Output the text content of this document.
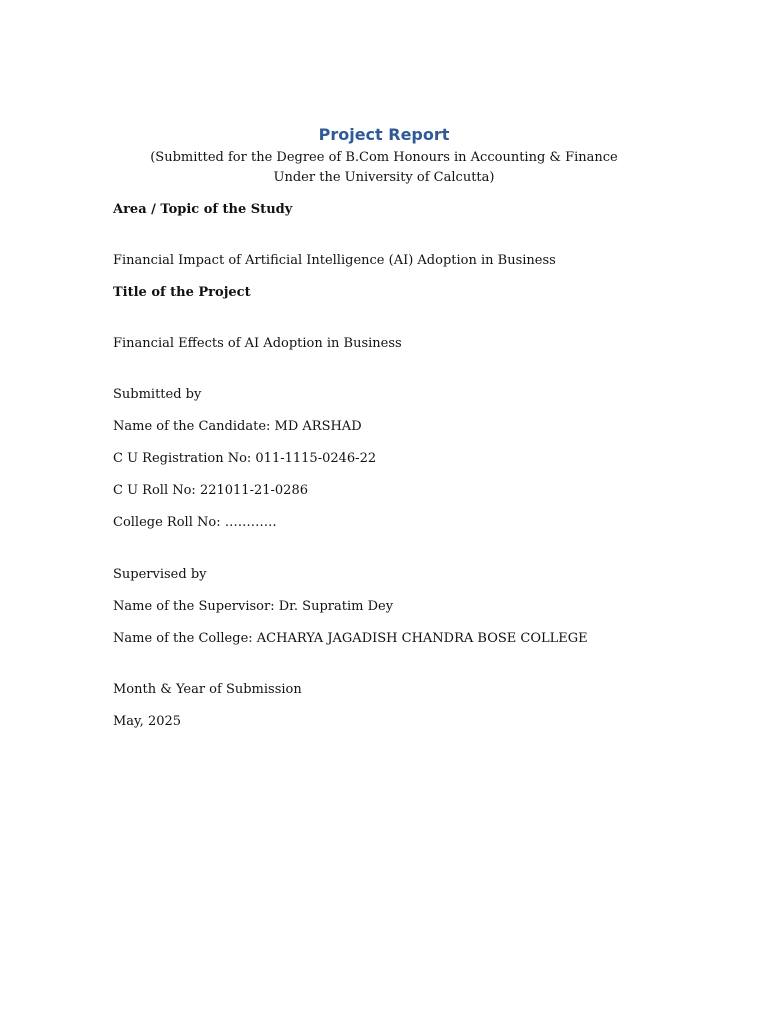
Project Report
(Submitted for the Degree of B.Com Honours in Accounting & Finance
Under the University of Calcutta)
Area / Topic of the Study
Financial Impact of Artificial Intelligence (AI) Adoption in Business
Title of the Project
Financial Effects of AI Adoption in Business
Submitted by
Name of the Candidate: MD ARSHAD
C U Registration No: 011-1115-0246-22
C U Roll No: 221011-21-0286
College Roll No: …………
Supervised by
Name of the Supervisor: Dr. Supratim Dey
Name of the College: ACHARYA JAGADISH CHANDRA BOSE COLLEGE
Month & Year of Submission
May, 2025
